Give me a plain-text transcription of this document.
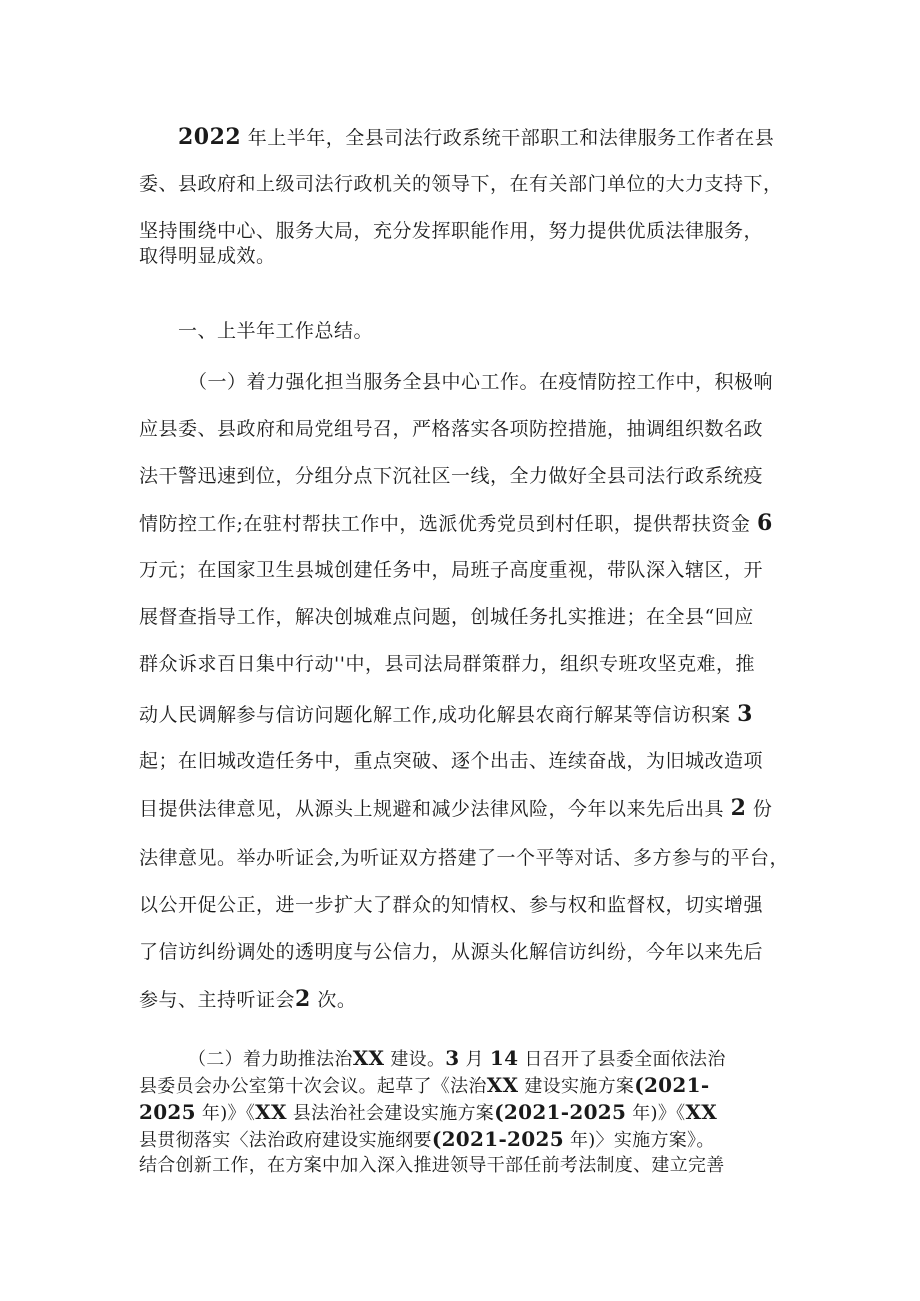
2022 年上半年，全县司法行政系统干部职工和法律服务工作者在县
委、县政府和上级司法行政机关的领导下，在有关部门单位的大力支持下，
坚持围绕中心、服务大局，充分发挥职能作用，努力提供优质法律服务，
取得明显成效。
一、上半年工作总结。
（一）着力强化担当服务全县中心工作。在疫情防控工作中，积极响
应县委、县政府和局党组号召，严格落实各项防控措施，抽调组织数名政
法干警迅速到位，分组分点下沉社区一线，全力做好全县司法行政系统疫
情防控工作;在驻村帮扶工作中，选派优秀党员到村任职，提供帮扶资金 6
万元；在国家卫生县城创建任务中，局班子高度重视，带队深入辖区，开
展督查指导工作，解决创城难点问题，创城任务扎实推进；在全县“回应
群众诉求百日集中行动''中，县司法局群策群力，组织专班攻坚克难，推
动人民调解参与信访问题化解工作,成功化解县农商行解某等信访积案 3
起；在旧城改造任务中，重点突破、逐个出击、连续奋战，为旧城改造项
目提供法律意见，从源头上规避和减少法律风险，今年以来先后出具 2 份
法律意见。举办听证会,为听证双方搭建了一个平等对话、多方参与的平台，
以公开促公正，进一步扩大了群众的知情权、参与权和监督权，切实增强
了信访纠纷调处的透明度与公信力，从源头化解信访纠纷，今年以来先后
参与、主持听证会2 次。
（二）着力助推法治XX 建设。3 月 14 日召开了县委全面依法治
县委员会办公室第十次会议。起草了《法治XX 建设实施方案(2021-
2025 年)》《XX 县法治社会建设实施方案(2021-2025 年)》《XX
县贯彻落实〈法治政府建设实施纲要(2021-2025 年)〉实施方案》。
结合创新工作，在方案中加入深入推进领导干部任前考法制度、建立完善
